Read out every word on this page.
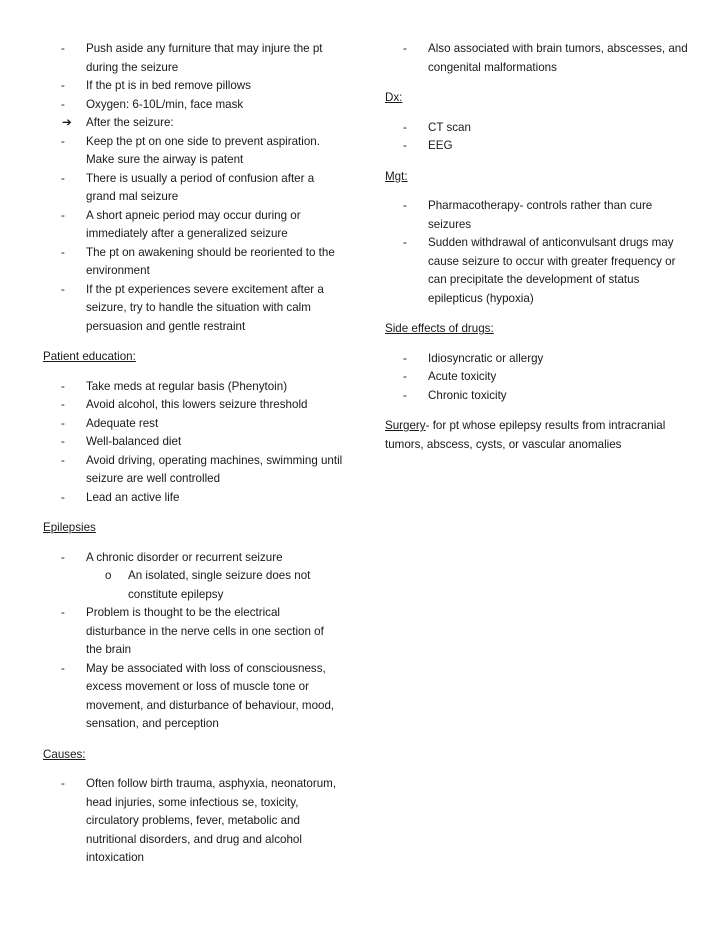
- Push aside any furniture that may injure the pt during the seizure
- If the pt is in bed remove pillows
- Oxygen: 6-10L/min, face mask
➔ After the seizure:
- Keep the pt on one side to prevent aspiration. Make sure the airway is patent
- There is usually a period of confusion after a grand mal seizure
- A short apneic period may occur during or immediately after a generalized seizure
- The pt on awakening should be reoriented to the environment
- If the pt experiences severe excitement after a seizure, try to handle the situation with calm persuasion and gentle restraint

Patient education:

- Take meds at regular basis (Phenytoin)
- Avoid alcohol, this lowers seizure threshold
- Adequate rest
- Well-balanced diet
- Avoid driving, operating machines, swimming until seizure are well controlled
- Lead an active life

Epilepsies

- A chronic disorder or recurrent seizure
o An isolated, single seizure does not constitute epilepsy
- Problem is thought to be the electrical disturbance in the nerve cells in one section of the brain
- May be associated with loss of consciousness, excess movement or loss of muscle tone or movement, and disturbance of behaviour, mood, sensation, and perception

Causes:

- Often follow birth trauma, asphyxia, neonatorum, head injuries, some infectious se, toxicity, circulatory problems, fever, metabolic and nutritional disorders, and drug and alcohol intoxication
- Also associated with brain tumors, abscesses, and congenital malformations

Dx:

- CT scan
- EEG

Mgt:

- Pharmacotherapy- controls rather than cure seizures
- Sudden withdrawal of anticonvulsant drugs may cause seizure to occur with greater frequency or can precipitate the development of status epilepticus (hypoxia)

Side effects of drugs:

- Idiosyncratic or allergy
- Acute toxicity
- Chronic toxicity

Surgery- for pt whose epilepsy results from intracranial tumors, abscess, cysts, or vascular anomalies
